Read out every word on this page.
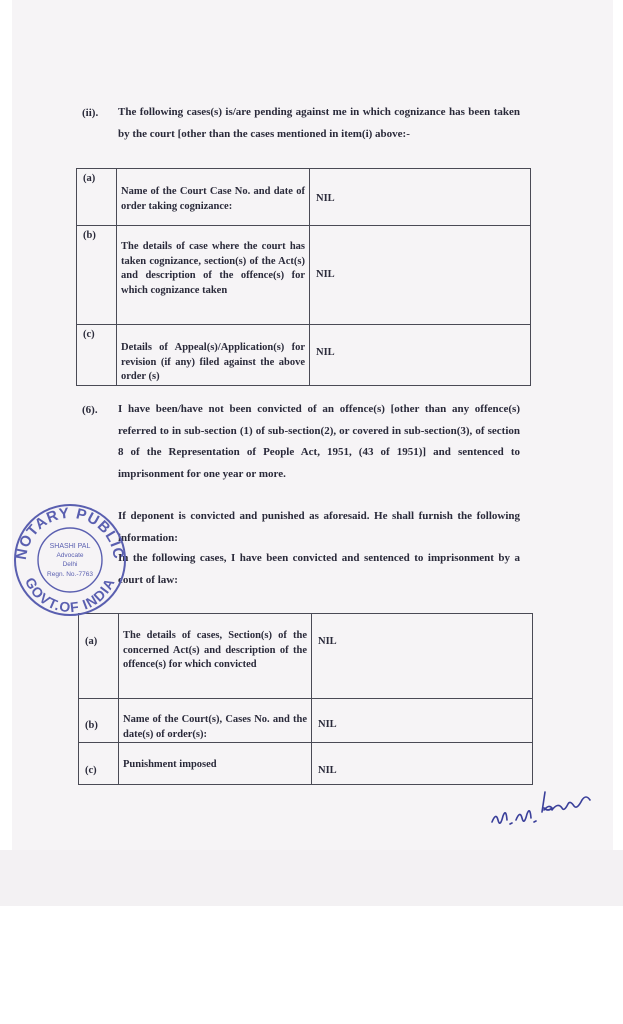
(ii). The following cases(s) is/are pending against me in which cognizance has been taken by the court [other than the cases mentioned in item(i) above:-
(a)	Name of the Court Case No. and date of order taking cognizance:	NIL

(b)	The details of case where the court has taken cognizance, section(s) of the Act(s) and description of the offence(s) for which cognizance taken	NIL

(c)	Details of Appeal(s)/Application(s) for revision (if any) filed against the above order (s)	NIL
(6). I have been/have not been convicted of an offence(s) [other than any offence(s) referred to in sub-section (1) of sub-section(2), or covered in sub-section(3), of section 8 of the Representation of People Act, 1951, (43 of 1951)] and sentenced to imprisonment for one year or more.
If deponent is convicted and punished as aforesaid. He shall furnish the following information:
In the following cases, I have been convicted and sentenced to imprisonment by a court of law:
(a)	The details of cases, Section(s) of the concerned Act(s) and description of the offence(s) for which convicted	NIL

(b)	Name of the Court(s), Cases No. and the date(s) of order(s):	NIL

(c)	Punishment imposed	NIL
NOTARY PUBLIC
GOVT.OF INDIA
SHASHI PAL
Advocate
Delhi
Regn. No.-7763
